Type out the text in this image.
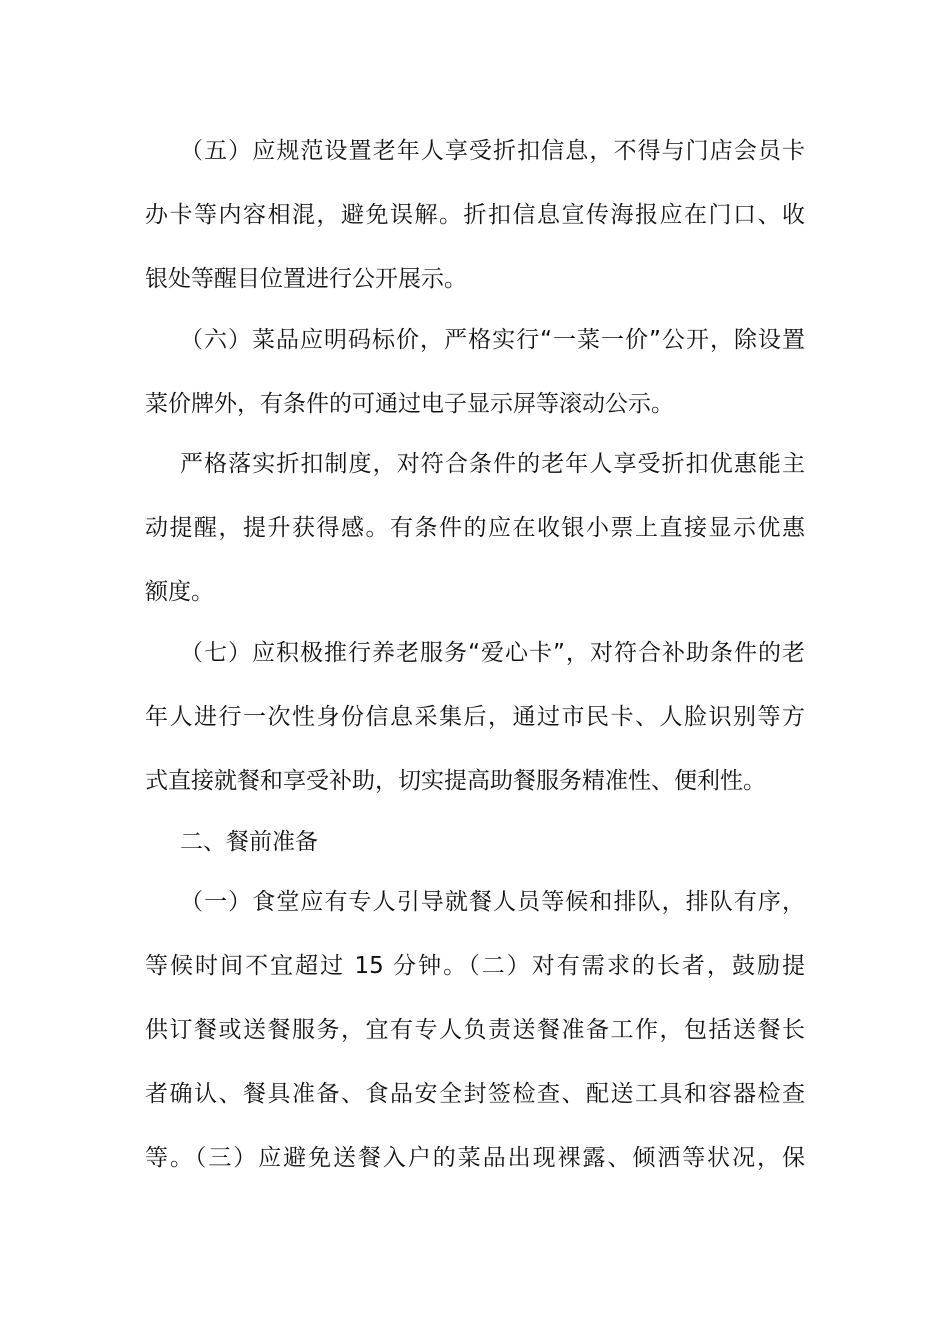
（五）应规范设置老年人享受折扣信息，不得与门店会员卡
办卡等内容相混，避免误解。折扣信息宣传海报应在门口、收
银处等醒目位置进行公开展示。
（六）菜品应明码标价，严格实行“一菜一价”公开，除设置
菜价牌外，有条件的可通过电子显示屏等滚动公示。
严格落实折扣制度，对符合条件的老年人享受折扣优惠能主
动提醒，提升获得感。有条件的应在收银小票上直接显示优惠
额度。
（七）应积极推行养老服务“爱心卡”，对符合补助条件的老
年人进行一次性身份信息采集后，通过市民卡、人脸识别等方
式直接就餐和享受补助，切实提高助餐服务精准性、便利性。
二、餐前准备
（一）食堂应有专人引导就餐人员等候和排队，排队有序，
等候时间不宜超过 15 分钟。（二）对有需求的长者，鼓励提
供订餐或送餐服务，宜有专人负责送餐准备工作，包括送餐长
者确认、餐具准备、食品安全封签检查、配送工具和容器检查
等。（三）应避免送餐入户的菜品出现裸露、倾洒等状况，保
